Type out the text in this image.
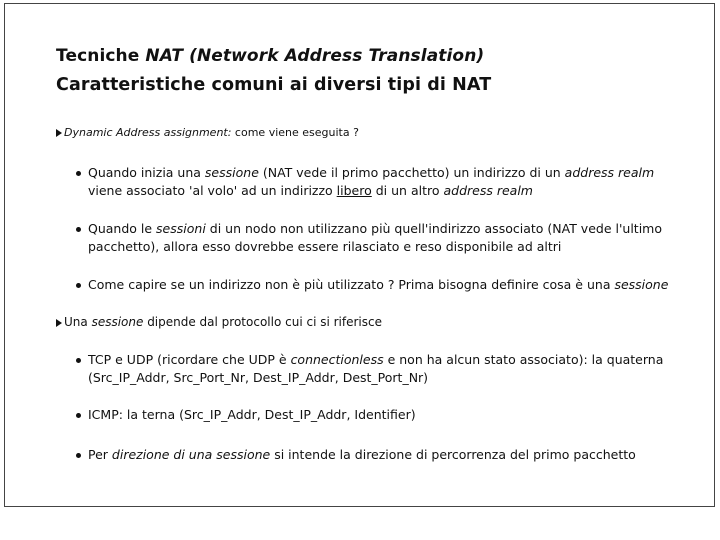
Tecniche NAT (Network Address Translation)
Caratteristiche comuni ai diversi tipi di NAT
Dynamic Address assignment: come viene eseguita ?
Quando inizia una sessione (NAT vede il primo pacchetto) un indirizzo di un address realm viene associato 'al volo' ad un indirizzo libero di un altro address realm
Quando le sessioni di un nodo non utilizzano più quell'indirizzo associato (NAT vede l'ultimo pacchetto), allora esso dovrebbe essere rilasciato e reso disponibile ad altri
Come capire se un indirizzo non è più utilizzato ? Prima bisogna definire cosa è una sessione
Una sessione dipende dal protocollo cui ci si riferisce
TCP e UDP (ricordare che UDP è connectionless e non ha alcun stato associato): la quaterna (Src_IP_Addr, Src_Port_Nr, Dest_IP_Addr, Dest_Port_Nr)
ICMP: la terna (Src_IP_Addr, Dest_IP_Addr, Identifier)
Per direzione di una sessione si intende la direzione di percorrenza del primo pacchetto
